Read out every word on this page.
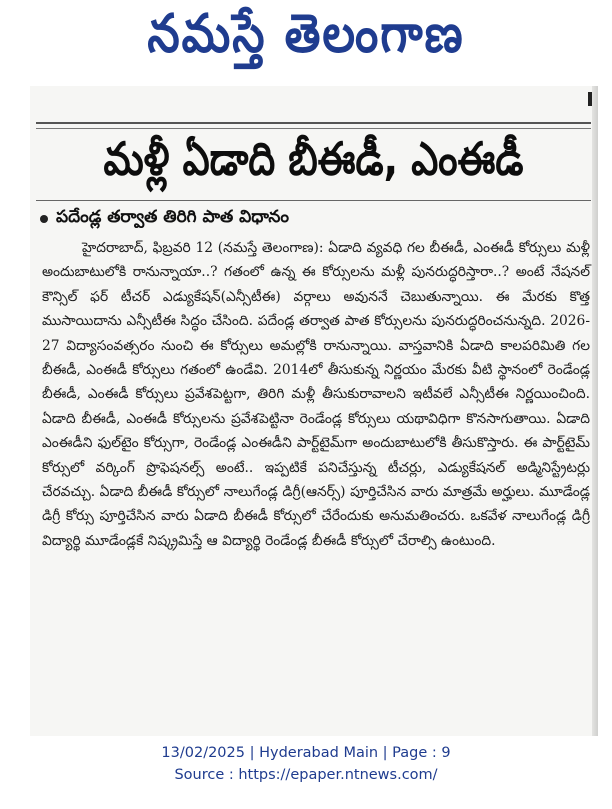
నమస్తే తెలంగాణ
మళ్లీ ఏడాది బీఈడీ, ఎంఈడీ
పదేండ్ల తర్వాత తిరిగి పాత విధానం

హైదరాబాద్, ఫిబ్రవరి 12 (నమస్తే తెలంగాణ): ఏడాది వ్యవధి గల బీఈడీ, ఎంఈడీ కోర్సులు మళ్లీ అందుబాటులోకి రానున్నాయా..? గతంలో ఉన్న ఈ కోర్సులను మళ్లీ పునరుద్ధరిస్తారా..? అంటే నేషనల్ కౌన్సిల్ ఫర్ టీచర్ ఎడ్యుకేషన్(ఎన్సీటీఈ) వర్గాలు అవుననే చెబుతున్నాయి. ఈ మేరకు కొత్త ముసాయిదాను ఎన్సీటీఈ సిద్ధం చేసింది. పదేండ్ల తర్వాత పాత కోర్సులను పునరుద్ధరించనున్నది. 2026-27 విద్యాసంవత్సరం నుంచి ఈ కోర్సులు అమల్లోకి రానున్నాయి. వాస్తవానికి ఏడాది కాలపరిమితి గల బీఈడీ, ఎంఈడీ కోర్సులు గతంలో ఉండేవి. 2014లో తీసుకున్న నిర్ణయం మేరకు వీటి స్థానంలో రెండేండ్ల బీఈడీ, ఎంఈడీ కోర్సులు ప్రవేశపెట్టగా, తిరిగి మళ్లీ తీసుకురావాలని ఇటీవలే ఎన్సీటీఈ నిర్ణయించింది. ఏడాది బీఈడీ, ఎంఈడీ కోర్సులను ప్రవేశపెట్టినా రెండేండ్ల కోర్సులు యథావిధిగా కొనసాగుతాయి. ఏడాది ఎంఈడీని ఫుల్‌టైం కోర్సుగా, రెండేండ్ల ఎంఈడీని పార్ట్‌టైమ్‌గా అందుబాటులోకి తీసుకొస్తారు. ఈ పార్ట్‌టైమ్ కోర్సులో వర్కింగ్ ప్రొఫెషనల్స్ అంటే.. ఇప్పటికే పనిచేస్తున్న టీచర్లు, ఎడ్యుకేషనల్ అడ్మినిస్ట్రేటర్లు చేరవచ్చు. ఏడాది బీఈడీ కోర్సులో నాలుగేండ్ల డిగ్రీ(ఆనర్స్) పూర్తిచేసిన వారు మాత్రమే అర్హులు. మూడేండ్ల డిగ్రీ కోర్సు పూర్తిచేసిన వారు ఏడాది బీఈడీ కోర్సులో చేరేందుకు అనుమతించరు. ఒకవేళ నాలుగేండ్ల డిగ్రీ విద్యార్థి మూడేండ్లకే నిష్క్రమిస్తే ఆ విద్యార్థి రెండేండ్ల బీఈడీ కోర్సులో చేరాల్సి ఉంటుంది.

13/02/2025 | Hyderabad Main | Page : 9
Source : https://epaper.ntnews.com/
